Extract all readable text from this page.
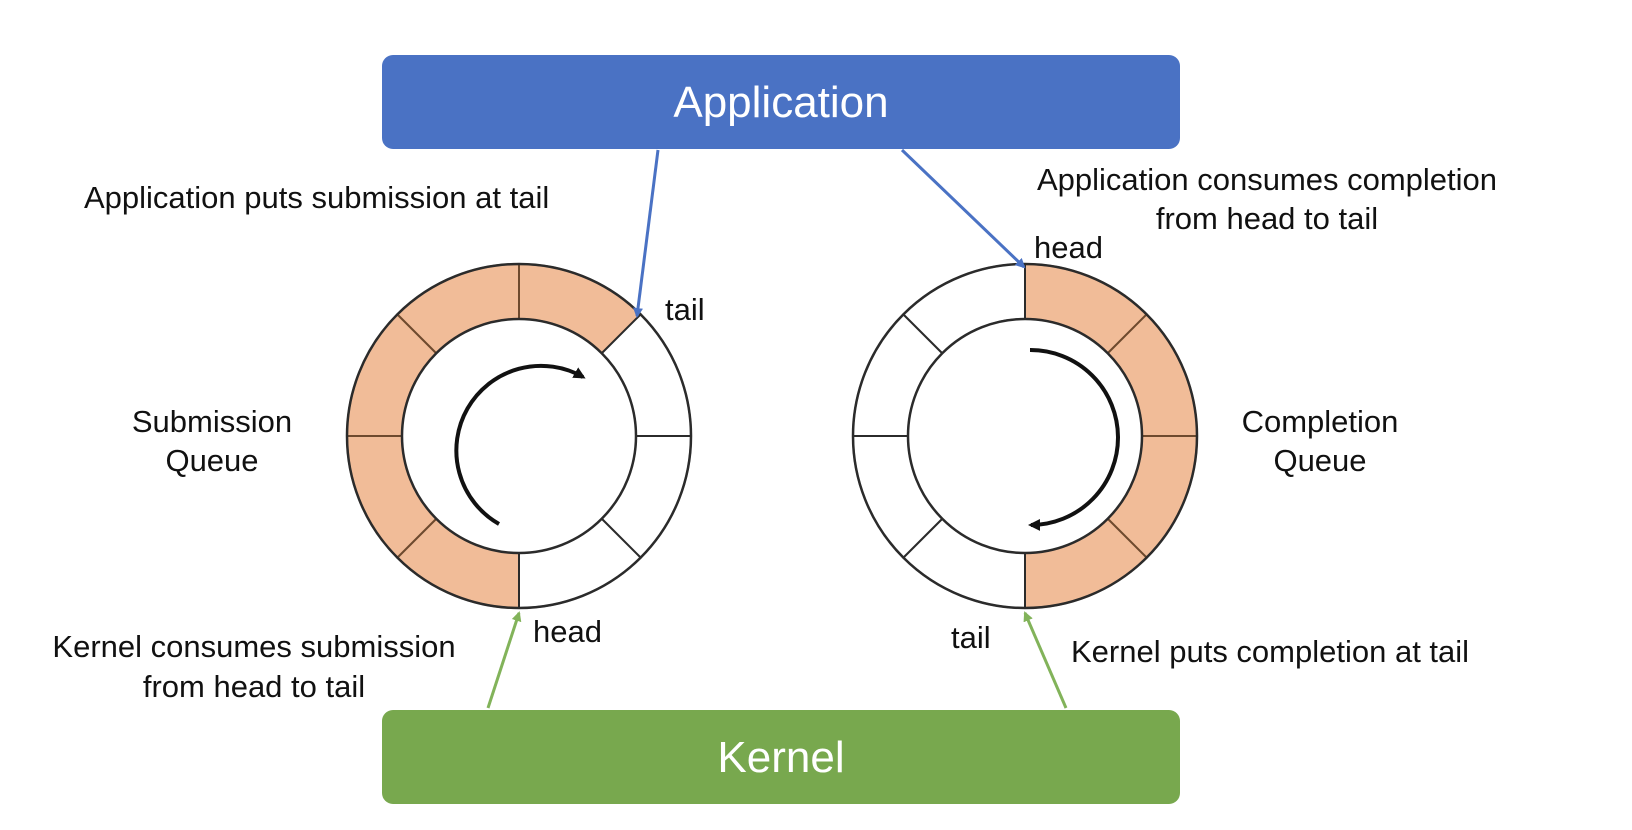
Application
Kernel
Application puts submission at tail
Application consumes completion
from head to tail
Kernel consumes submission
from head to tail
Kernel puts completion at tail
Submission
Queue
Completion
Queue
tail
head
head
tail
